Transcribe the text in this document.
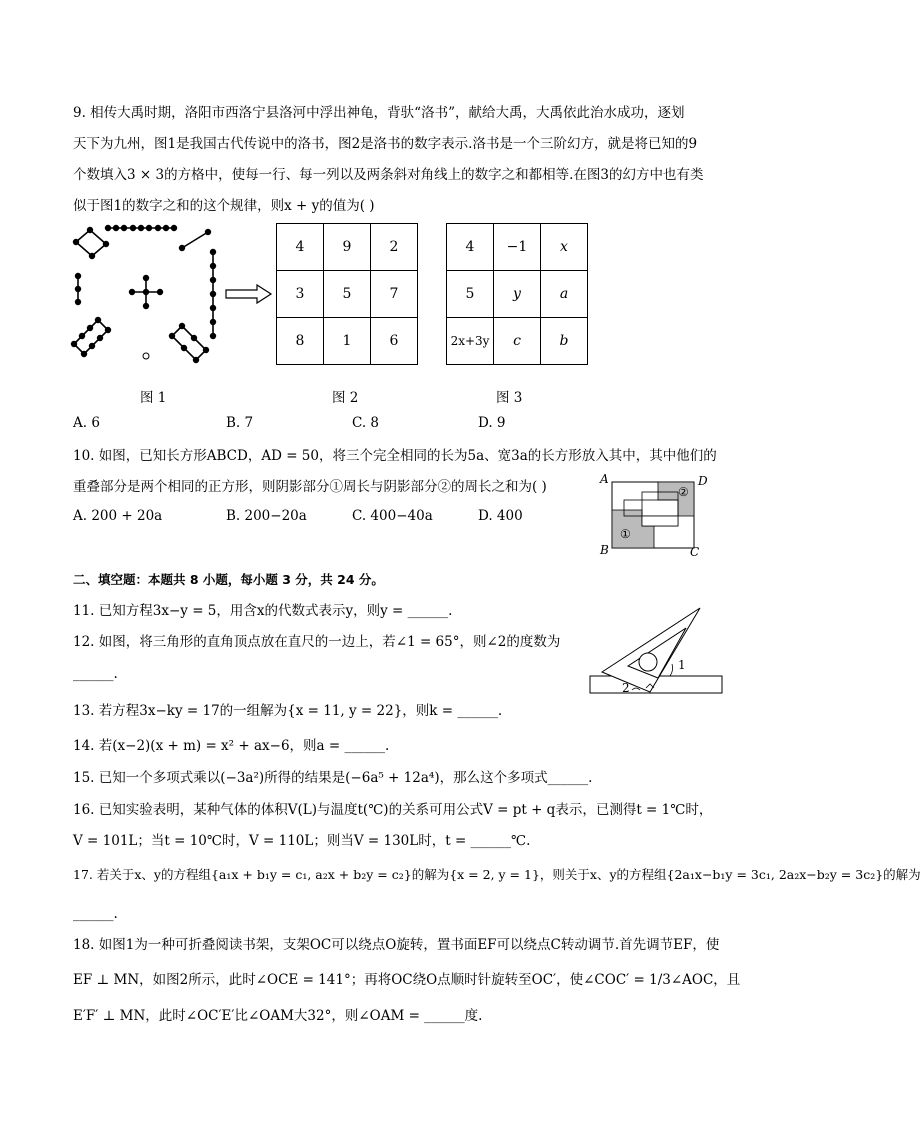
9. 相传大禹时期，洛阳市西洛宁县洛河中浮出神龟，背驮“洛书”，献给大禹，大禹依此治水成功，逐划
天下为九州，图1是我国古代传说中的洛书，图2是洛书的数字表示.洛书是一个三阶幻方，就是将已知的9
个数填入3 × 3的方格中，使每一行、每一列以及两条斜对角线上的数字之和都相等.在图3的幻方中也有类
似于图1的数字之和的这个规律，则x + y的值为( )
4	9	2
3	5	7
8	1	6
4	−1	x
5	y	a
2x+3y	c	b
图 1	图 2	图 3
A. 6	B. 7	C. 8	D. 9
10. 如图，已知长方形ABCD，AD = 50，将三个完全相同的长为5a、宽3a的长方形放入其中，其中他们的
重叠部分是两个相同的正方形，则阴影部分①周长与阴影部分②的周长之和为( )
A. 200 + 20a	B. 200−20a	C. 400−40a	D. 400
A	D
B	C
①
②
二、填空题：本题共 8 小题，每小题 3 分，共 24 分。
11. 已知方程3x−y = 5，用含x的代数式表示y，则y = ______.
12. 如图，将三角形的直角顶点放在直尺的一边上，若∠1 = 65°，则∠2的度数为
______.
1
2
13. 若方程3x−ky = 17的一组解为{x = 11, y = 22}，则k = ______.
14. 若(x−2)(x + m) = x² + ax−6，则a = ______.
15. 已知一个多项式乘以(−3a²)所得的结果是(−6a⁵ + 12a⁴)，那么这个多项式______.
16. 已知实验表明，某种气体的体积V(L)与温度t(℃)的关系可用公式V = pt + q表示，已测得t = 1℃时，
V = 101L；当t = 10℃时，V = 110L；则当V = 130L时，t = ______℃.
17. 若关于x、y的方程组{a₁x + b₁y = c₁, a₂x + b₂y = c₂}的解为{x = 2, y = 1}，则关于x、y的方程组{2a₁x−b₁y = 3c₁, 2a₂x−b₂y = 3c₂}的解为
______.
18. 如图1为一种可折叠阅读书架，支架OC可以绕点O旋转，置书面EF可以绕点C转动调节.首先调节EF，使
EF ⊥ MN，如图2所示，此时∠OCE = 141°；再将OC绕O点顺时针旋转至OC′，使∠COC′ = 1/3∠AOC，且
E′F′ ⊥ MN，此时∠OC′E′比∠OAM大32°，则∠OAM = ______度.
